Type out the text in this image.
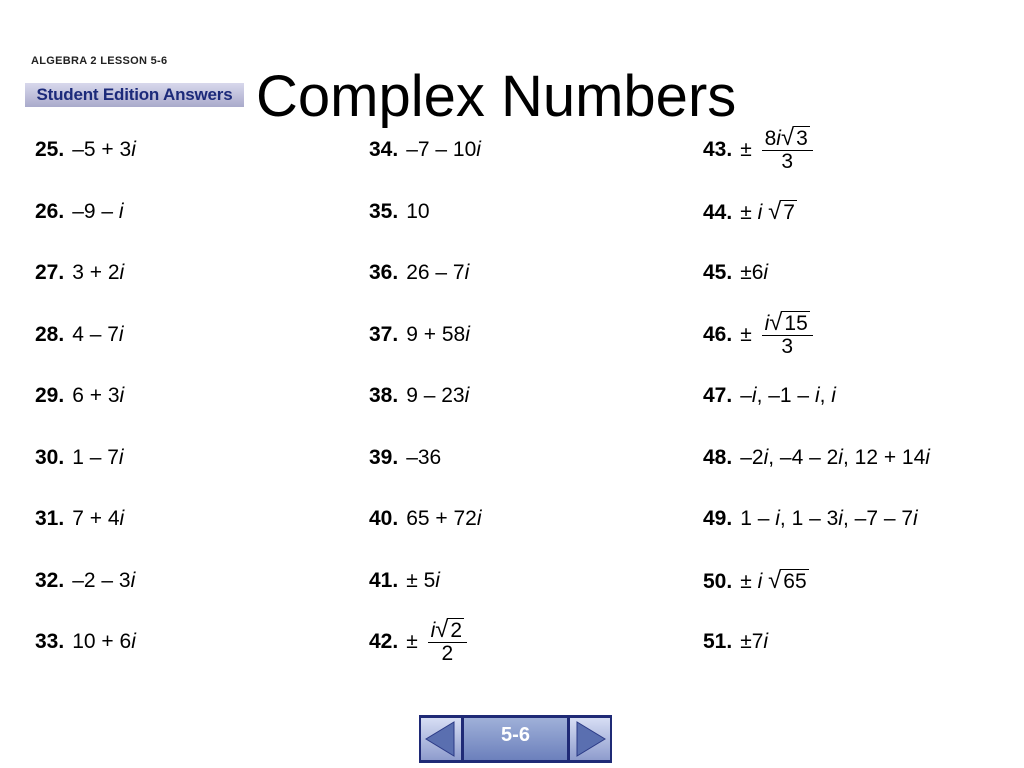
ALGEBRA 2 LESSON 5-6
Student Edition Answers Complex Numbers
25. –5 + 3i
26. –9 – i
27. 3 + 2i
28. 4 – 7i
29. 6 + 3i
30. 1 – 7i
31. 7 + 4i
32. –2 – 3i
33. 10 + 6i
34. –7 – 10i
35. 10
36. 26 – 7i
37. 9 + 58i
38. 9 – 23i
39. –36
40. 65 + 72i
41. ± 5i
42. ± $\frac{i√2}{2}$
43. ± $\frac{8i√3}{3}$
44. ± i √7
45. ±6i
46. ± $\frac{i√15}{3}$
47. –i, –1 – i, i
48. –2i, –4 – 2i, 12 + 14i
49. 1 – i, 1 – 3i, –7 – 7i
50. ± i √65
51. ±7i
5-6
